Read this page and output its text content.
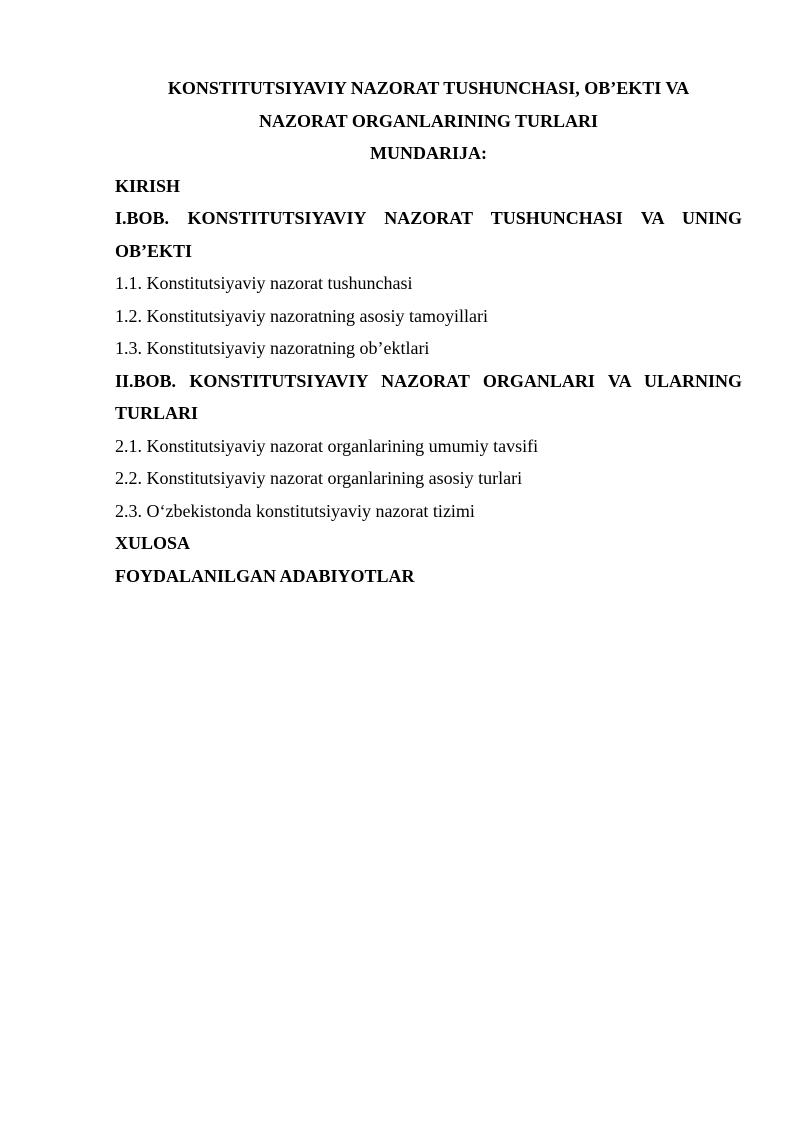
KONSTITUTSIYAVIY NAZORAT TUSHUNCHASI, OB’EKTI VA
NAZORAT ORGANLARINING TURLARI
MUNDARIJA:
KIRISH
I.BOB. KONSTITUTSIYAVIY NAZORAT TUSHUNCHASI VA UNING
OB’EKTI
1.1. Konstitutsiyaviy nazorat tushunchasi
1.2. Konstitutsiyaviy nazoratning asosiy tamoyillari
1.3. Konstitutsiyaviy nazoratning ob’ektlari
II.BOB. KONSTITUTSIYAVIY NAZORAT ORGANLARI VA ULARNING
TURLARI
2.1. Konstitutsiyaviy nazorat organlarining umumiy tavsifi
2.2. Konstitutsiyaviy nazorat organlarining asosiy turlari
2.3. O‘zbekistonda konstitutsiyaviy nazorat tizimi
XULOSA
FOYDALANILGAN ADABIYOTLAR
